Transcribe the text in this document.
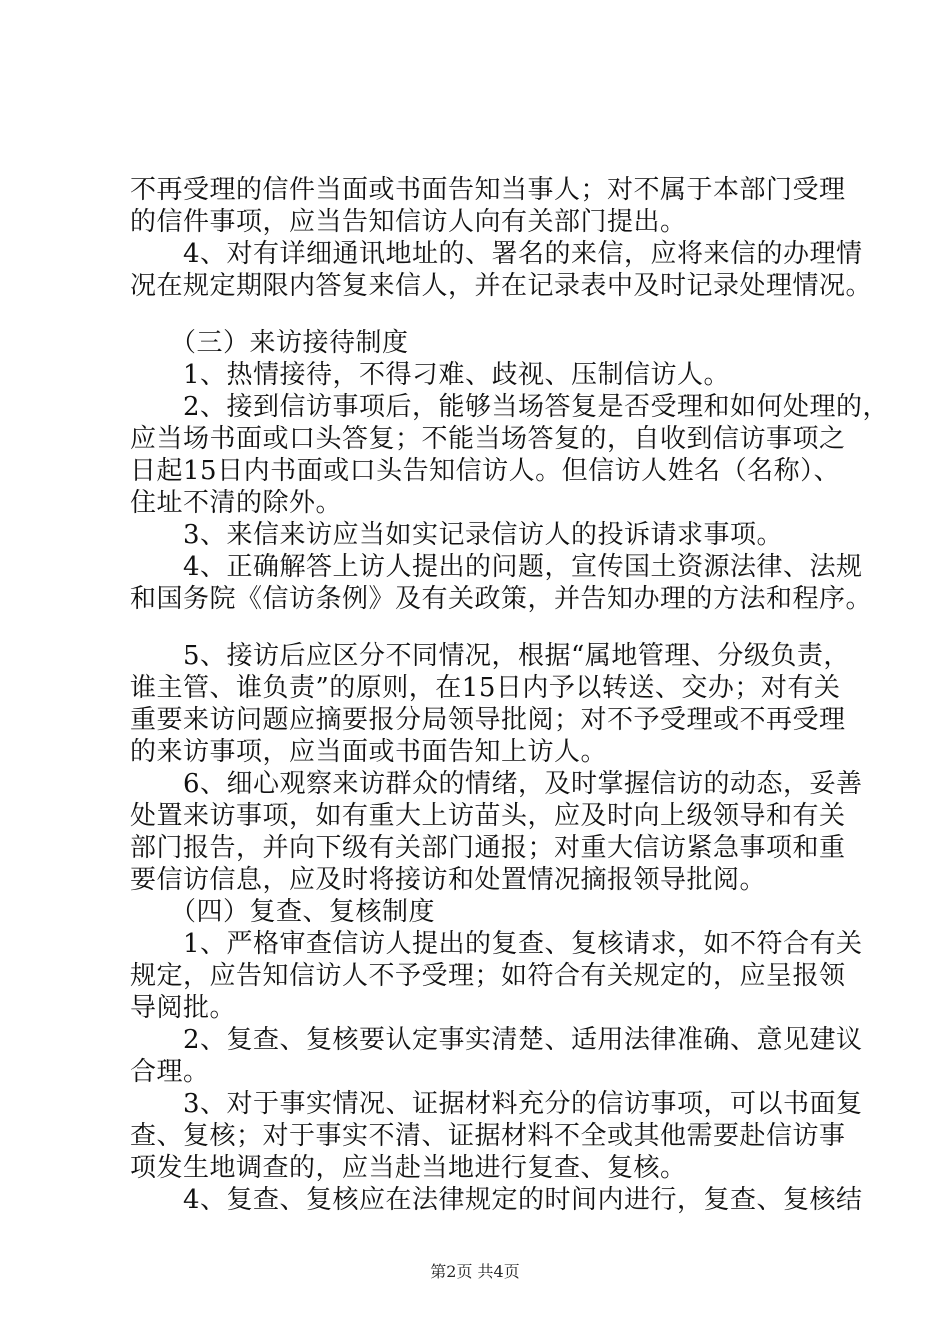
不再受理的信件当面或书面告知当事人；对不属于本部门受理
的信件事项，应当告知信访人向有关部门提出。
　　4、对有详细通讯地址的、署名的来信，应将来信的办理情
况在规定期限内答复来信人，并在记录表中及时记录处理情况。
　　（三）来访接待制度
　　1、热情接待，不得刁难、歧视、压制信访人。
　　2、接到信访事项后，能够当场答复是否受理和如何处理的，
应当场书面或口头答复；不能当场答复的，自收到信访事项之
日起15日内书面或口头告知信访人。但信访人姓名（名称）、
住址不清的除外。
　　3、来信来访应当如实记录信访人的投诉请求事项。
　　4、正确解答上访人提出的问题，宣传国土资源法律、法规
和国务院《信访条例》及有关政策，并告知办理的方法和程序。
　　5、接访后应区分不同情况，根据“属地管理、分级负责，
谁主管、谁负责”的原则，在15日内予以转送、交办；对有关
重要来访问题应摘要报分局领导批阅；对不予受理或不再受理
的来访事项，应当面或书面告知上访人。
　　6、细心观察来访群众的情绪，及时掌握信访的动态，妥善
处置来访事项，如有重大上访苗头，应及时向上级领导和有关
部门报告，并向下级有关部门通报；对重大信访紧急事项和重
要信访信息，应及时将接访和处置情况摘报领导批阅。
　　（四）复查、复核制度
　　1、严格审查信访人提出的复查、复核请求，如不符合有关
规定，应告知信访人不予受理；如符合有关规定的，应呈报领
导阅批。
　　2、复查、复核要认定事实清楚、适用法律准确、意见建议
合理。
　　3、对于事实情况、证据材料充分的信访事项，可以书面复
查、复核；对于事实不清、证据材料不全或其他需要赴信访事
项发生地调查的，应当赴当地进行复查、复核。
　　4、复查、复核应在法律规定的时间内进行，复查、复核结
第2页 共4页
